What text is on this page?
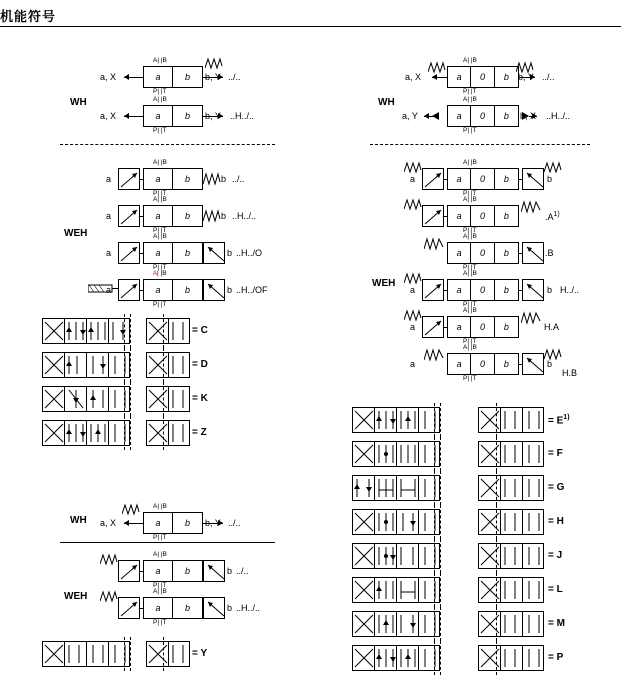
机能符号
WH
A| |B
a	b
P| |T
a, X	b, Y ../..
A| |B
a	b
P| |T
a, X	b, Y ..H../..
WEH
A| |B
a	b
P| |T
a	b ../..
A| |B
a	b
P| |T
a	b ..H../..
A| |B
a	b
P| |T
a	b ..H../O
A| |B
a	b
P| |T
a	b ..H../OF
= C
= D
= K
= Z
WH
A| |B
a	b
P| |T
a, X	b, Y ../..
WEH
A| |B
a	b
P| |T
b ../..
A| |B
a	b
P| |T
b ..H../..
= Y
WH
A| |B
a	0	b
P| |T
a, X	b, Y ../..
A| |B
a	0	b
P| |T
a, Y	b, X ..H../..
WEH
A| |B
a	0	b
P| |T
a	b
A| |B
a	0	b
P| |T
$.A^{1)}$
A| |B
a	0	b
P| |T
.B
A| |B
a	0	b
P| |T
a	b H../..
A| |B
a	0	b
P| |T
a	H.A
A| |B
a	0	b
P| |T
a	b
H.B
= $E^{1)}$
= F
= G
= H
= J
= L
= M
= P
